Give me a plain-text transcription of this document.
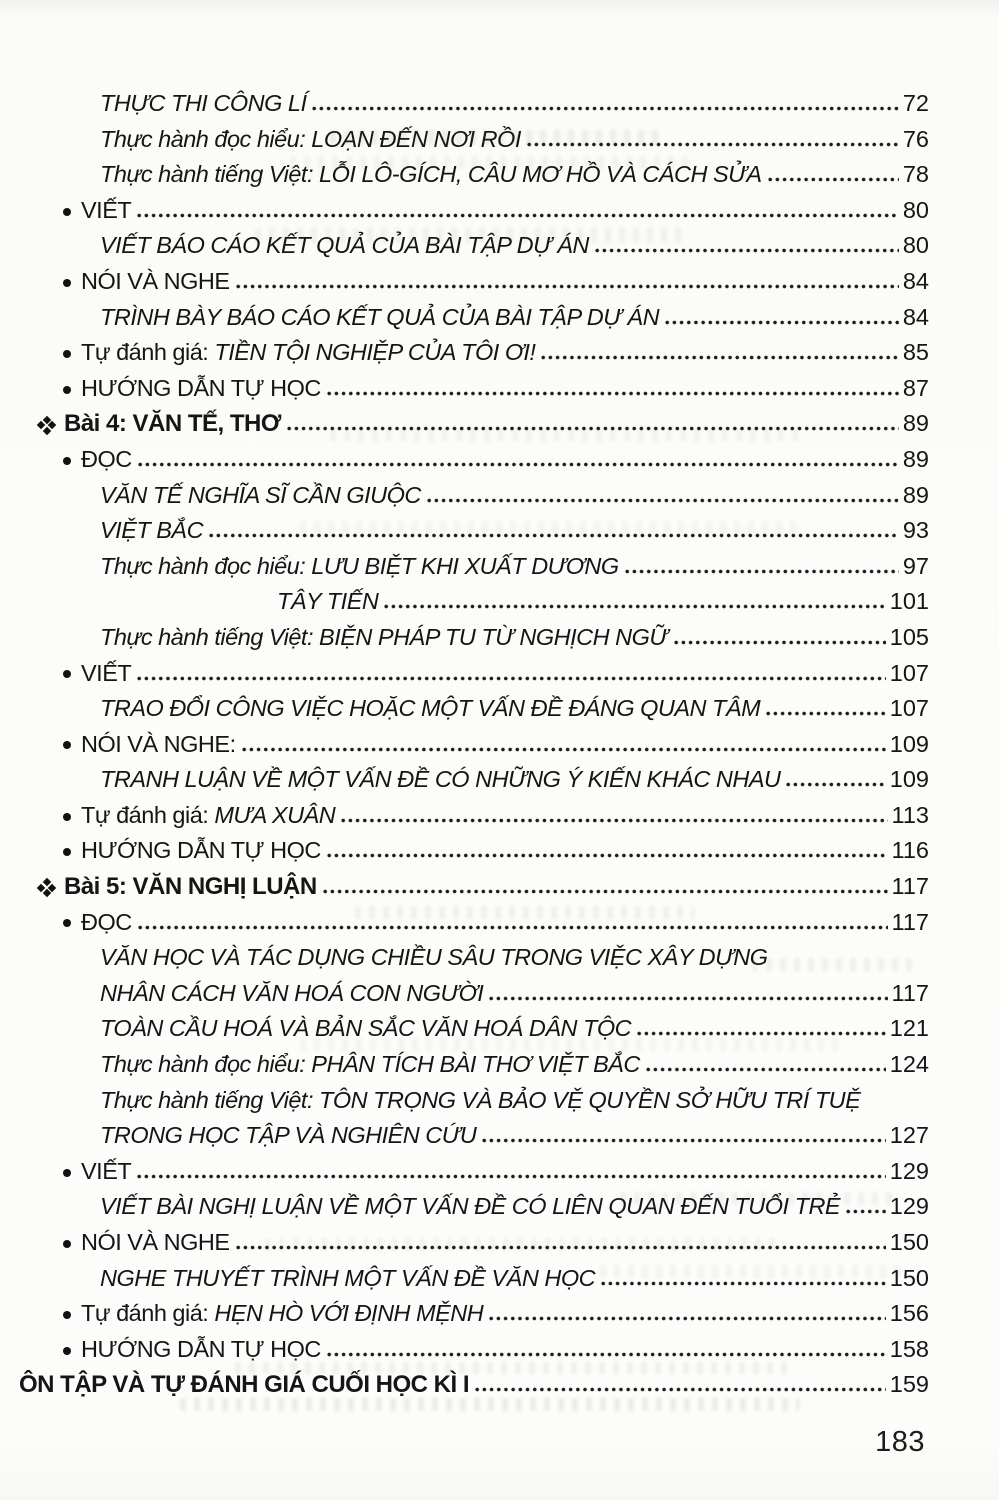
THỰC THI CÔNG LÍ	72
Thực hành đọc hiểu: LOẠN ĐẾN NƠI RỒI	76
Thực hành tiếng Việt: LỖI LÔ-GÍCH, CÂU MƠ HỒ VÀ CÁCH SỬA	78
VIẾT	80
VIẾT BÁO CÁO KẾT QUẢ CỦA BÀI TẬP DỰ ÁN	80
NÓI VÀ NGHE	84
TRÌNH BÀY BÁO CÁO KẾT QUẢ CỦA BÀI TẬP DỰ ÁN	84
Tự đánh giá: TIỀN TỘI NGHIỆP CỦA TÔI ƠI!	85
HƯỚNG DẪN TỰ HỌC	87
Bài 4: VĂN TẾ, THƠ	89
ĐỌC	89
VĂN TẾ NGHĨA SĨ CẦN GIUỘC	89
VIỆT BẮC	93
Thực hành đọc hiểu: LƯU BIỆT KHI XUẤT DƯƠNG	97
TÂY TIẾN	101
Thực hành tiếng Việt: BIỆN PHÁP TU TỪ NGHỊCH NGỮ	105
VIẾT	107
TRAO ĐỔI CÔNG VIỆC HOẶC MỘT VẤN ĐỀ ĐÁNG QUAN TÂM	107
NÓI VÀ NGHE:	109
TRANH LUẬN VỀ MỘT VẤN ĐỀ CÓ NHỮNG Ý KIẾN KHÁC NHAU	109
Tự đánh giá: MƯA XUÂN	113
HƯỚNG DẪN TỰ HỌC	116
Bài 5: VĂN NGHỊ LUẬN	117
ĐỌC	117
VĂN HỌC VÀ TÁC DỤNG CHIỀU SÂU TRONG VIỆC XÂY DỰNG
NHÂN CÁCH VĂN HOÁ CON NGƯỜI	117
TOÀN CẦU HOÁ VÀ BẢN SẮC VĂN HOÁ DÂN TỘC	121
Thực hành đọc hiểu: PHÂN TÍCH BÀI THƠ VIỆT BẮC	124
Thực hành tiếng Việt: TÔN TRỌNG VÀ BẢO VỆ QUYỀN SỞ HỮU TRÍ TUỆ
TRONG HỌC TẬP VÀ NGHIÊN CỨU	127
VIẾT	129
VIẾT BÀI NGHỊ LUẬN VỀ MỘT VẤN ĐỀ CÓ LIÊN QUAN ĐẾN TUỔI TRẺ 129
NÓI VÀ NGHE	150
NGHE THUYẾT TRÌNH MỘT VẤN ĐỀ VĂN HỌC	150
Tự đánh giá: HẸN HÒ VỚI ĐỊNH MỆNH	156
HƯỚNG DẪN TỰ HỌC	158
ÔN TẬP VÀ TỰ ĐÁNH GIÁ CUỐI HỌC KÌ I	159
183
